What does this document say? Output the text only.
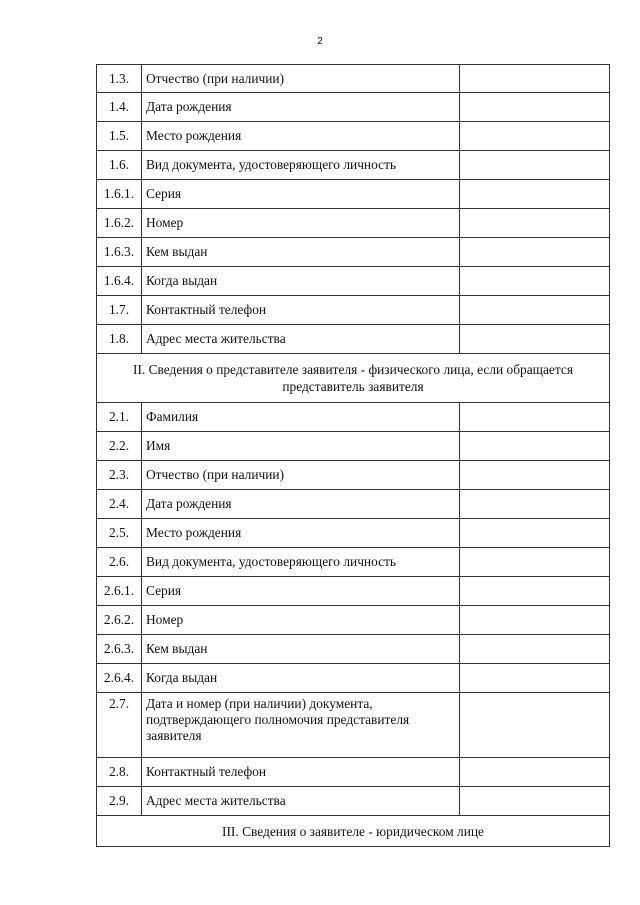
2
1.3.	Отчество (при наличии)	
1.4.	Дата рождения	
1.5.	Место рождения	
1.6.	Вид документа, удостоверяющего личность	
1.6.1.	Серия	
1.6.2.	Номер	
1.6.3.	Кем выдан	
1.6.4.	Когда выдан	
1.7.	Контактный телефон	
1.8.	Адрес места жительства	
II. Сведения о представителе заявителя - физического лица, если обращается представитель заявителя		
2.1.	Фамилия	
2.2.	Имя	
2.3.	Отчество (при наличии)	
2.4.	Дата рождения	
2.5.	Место рождения	
2.6.	Вид документа, удостоверяющего личность	
2.6.1.	Серия	
2.6.2.	Номер	
2.6.3.	Кем выдан	
2.6.4.	Когда выдан	
2.7.	Дата и номер (при наличии) документа, подтверждающего полномочия представителя заявителя	
2.8.	Контактный телефон	
2.9.	Адрес места жительства	
III. Сведения о заявителе - юридическом лице		
